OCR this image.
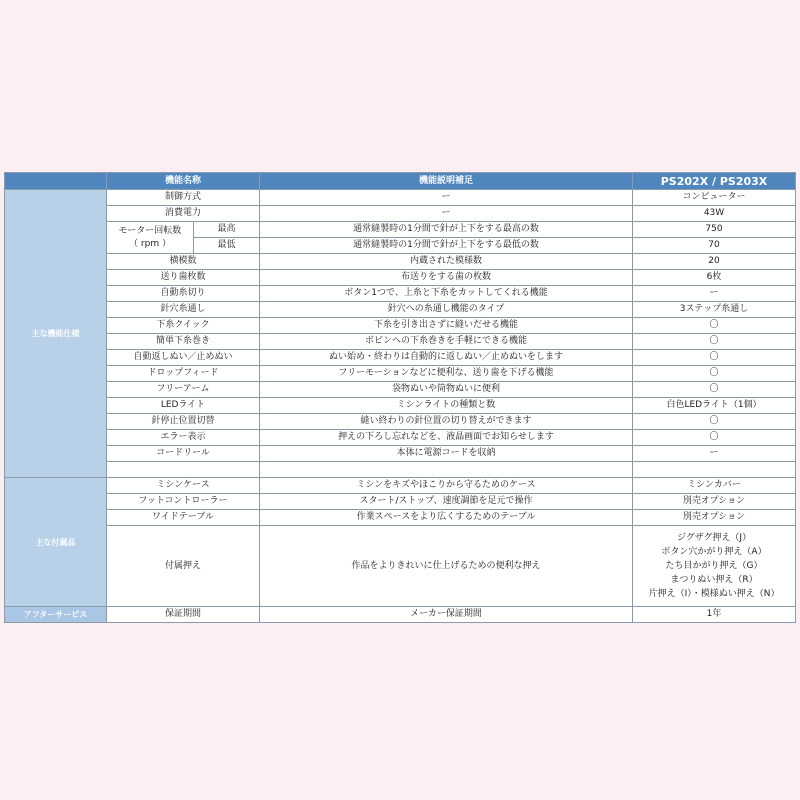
	機能名称		機能説明補足	PS202X / PS203X
主な機能仕様	制御方式		ー	コンピューター
	消費電力		ー	43W

	モーター回転数
（ rpm ）	最高	通常縫製時の1分間で針が上下をする最高の数	750
		最低	通常縫製時の1分間で針が上下をする最低の数	70
	横模数		内蔵された模様数	20
	送り歯枚数		布送りをする歯の枚数	6枚
	自動糸切り		ボタン1つで、上糸と下糸をカットしてくれる機能	ー
	針穴糸通し		針穴への糸通し機能のタイプ	3ステップ糸通し
	下糸クイック		下糸を引き出さずに縫いだせる機能	〇
	簡単下糸巻き		ボビンへの下糸巻きを手軽にできる機能	〇
	自動返しぬい／止めぬい		ぬい始め・終わりは自動的に返しぬい／止めぬいをします	〇
	ドロップフィード		フリーモーションなどに便利な、送り歯を下げる機能	〇
	フリーアーム		袋物ぬいや筒物ぬいに便利	〇
	LEDライト		ミシンライトの種類と数	白色LEDライト（1個）
	針停止位置切替		縫い終わりの針位置の切り替えができます	〇
	エラー表示		押えの下ろし忘れなどを、液晶画面でお知らせします	〇
	コードリール		本体に電源コードを収納	ー

主な付属品	ミシンケース		ミシンをキズやほこりから守るためのケース	ミシンカバー
	フットコントローラー		スタート/ストップ、速度調節を足元で操作	別売オプション
	ワイドテーブル		作業スペースをより広くするためのテーブル	別売オプション
	付属押え		作品をよりきれいに仕上げるための便利な押え	ジグザグ押え（J）
ボタン穴かがり押え（A）
たち目かがり押え（G）
まつりぬい押え（R）
片押え（I）・模様ぬい押え（N）

アフターサービス	保証期間		メーカー保証期間	1年
